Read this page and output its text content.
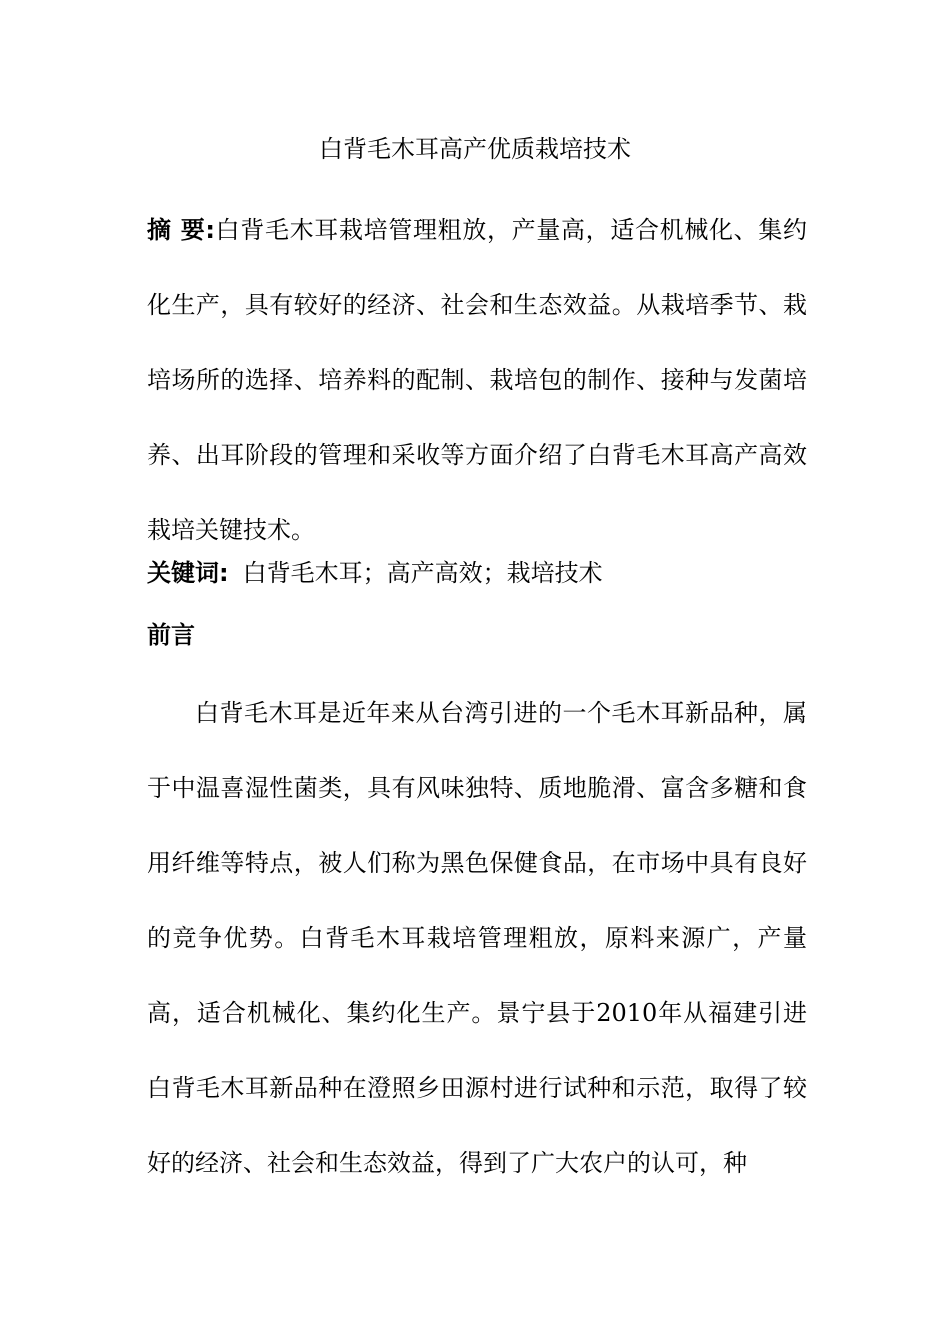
白背毛木耳高产优质栽培技术

摘 要:白背毛木耳栽培管理粗放，产量高，适合机械化、集约化生产，具有较好的经济、社会和生态效益。从栽培季节、栽培场所的选择、培养料的配制、栽培包的制作、接种与发菌培养、出耳阶段的管理和采收等方面介绍了白背毛木耳高产高效栽培关键技术。

关键词: 白背毛木耳；高产高效；栽培技术

前言

白背毛木耳是近年来从台湾引进的一个毛木耳新品种，属于中温喜湿性菌类，具有风味独特、质地脆滑、富含多糖和食用纤维等特点，被人们称为黑色保健食品，在市场中具有良好的竞争优势。白背毛木耳栽培管理粗放，原料来源广，产量高，适合机械化、集约化生产。景宁县于2010年从福建引进白背毛木耳新品种在澄照乡田源村进行试种和示范，取得了较好的经济、社会和生态效益，得到了广大农户的认可，种
